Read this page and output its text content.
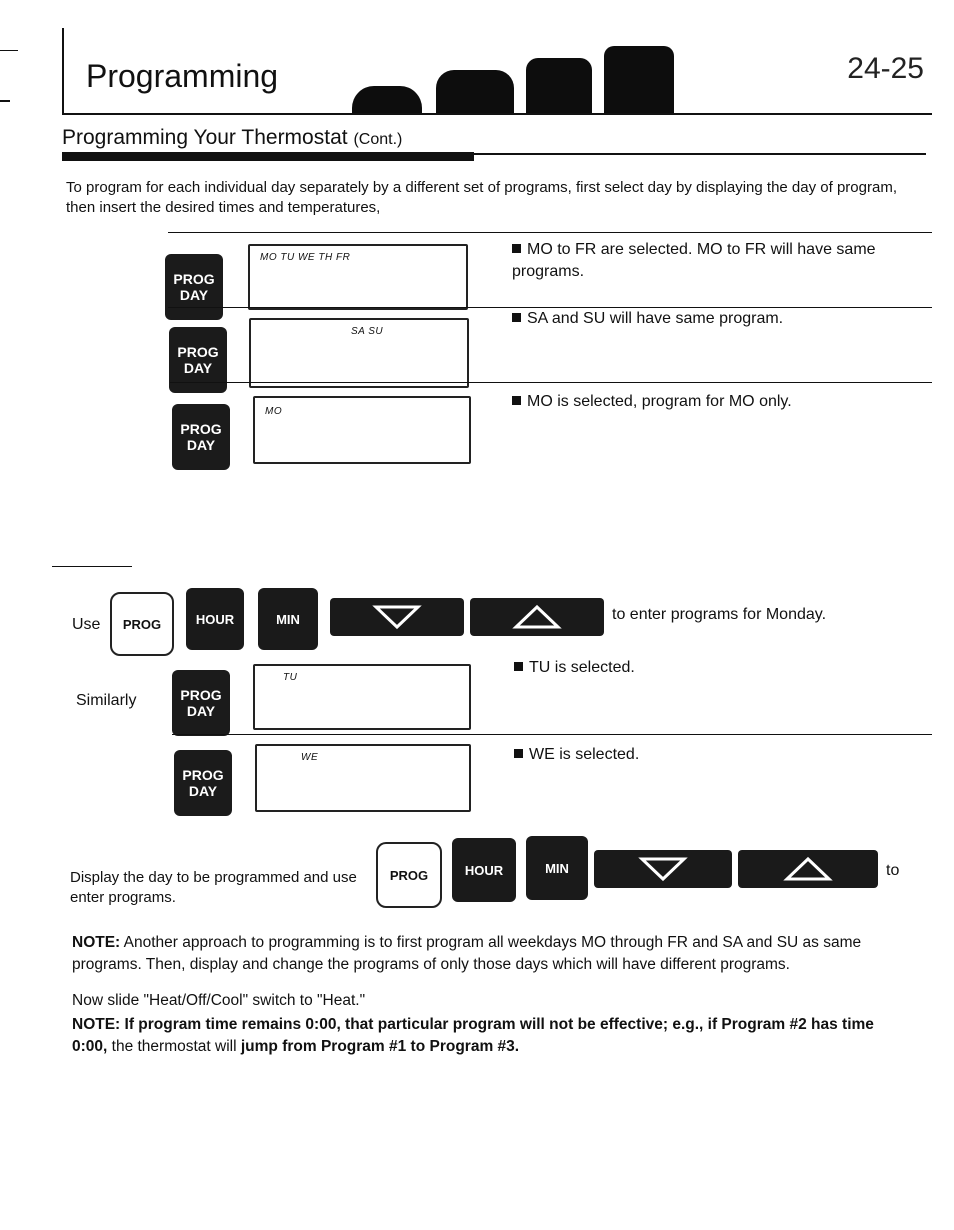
Programming	24-25
Programming Your Thermostat (Cont.)
To program for each individual day separately by a different set of programs, first select day by displaying the day of program, then insert the desired times and temperatures,
PROG
DAY
MO TU WE TH FR	MO to FR are selected. MO to FR will have same programs.
PROG
DAY
SA SU
SA and SU will have same program.
PROG
DAY
MO
MO is selected, program for MO only.
Use	PROG	HOUR	MIN	to enter programs for Monday.
Similarly	PROG
DAY
TU
TU is selected.
PROG
DAY
WE	WE is selected.
Display the day to be programmed and use
enter programs.
PROG	HOUR	MIN	to
NOTE: Another approach to programming is to first program all weekdays MO through FR and SA and SU as same programs. Then, display and change the programs of only those days which will have different programs.
Now slide "Heat/Off/Cool" switch to "Heat."
NOTE: If program time remains 0:00, that particular program will not be effective; e.g., if Program #2 has time 0:00, the thermostat will jump from Program #1 to Program #3.
